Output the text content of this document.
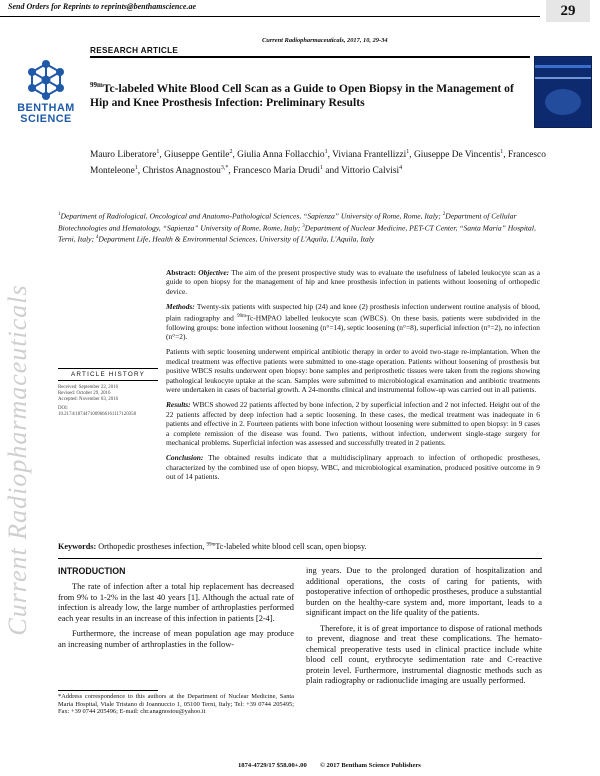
Send Orders for Reprints to reprints@benthamscience.ae	29
Current Radiopharmaceuticals, 2017, 10, 29-34
RESEARCH ARTICLE
BENTHAM
SCIENCE
$^{99m}$Tc-labeled White Blood Cell Scan as a Guide to Open Biopsy in the Management of Hip and Knee Prosthesis Infection: Preliminary Results
Mauro Liberatore$^1$, Giuseppe Gentile$^2$, Giulia Anna Follacchio$^1$, Viviana Frantellizzi$^1$, Giuseppe De Vincentis$^1$, Francesco Monteleone$^1$, Christos Anagnostou$^{3,*}$, Francesco Maria Drudi$^1$ and Vittorio Calvisi$^4$
$^1$Department of Radiological, Oncological and Anatomo-Pathological Sciences, “Sapienza” University of Rome, Rome, Italy; $^2$Department of Cellular Biotechnologies and Hematology, “Sapienza” University of Rome, Rome, Italy; $^3$Department of Nuclear Medicine, PET-CT Center, “Santa Maria” Hospital, Terni, Italy; $^4$Department Life, Health & Environmental Sciences, University of L'Aquila, L'Aquila, Italy
Current Radiopharmaceuticals	ARTICLE HISTORY
Received: September 22, 2016
Revised: October 29, 2016
Accepted: November 03, 2016
DOI:
10.2174/1874471009666161117120358

Abstract: Objective: The aim of the present prospective study was to evaluate the usefulness of labeled leukocyte scan as a guide to open biopsy for the management of hip and knee prosthesis infection in patients without loosening of orthopedic device.

Methods: Twenty-six patients with suspected hip (24) and knee (2) prosthesis infection underwent routine analysis of blood, plain radiography and $^{99m}$Tc-HMPAO labelled leukocyte scan (WBCS). On these basis, patients were subdivided in the following groups: bone infection without loosening (n°=14), septic loosening (n°=8), superficial infection (n°=2), no infection (n°=2).

Patients with septic loosening underwent empirical antibiotic therapy in order to avoid two-stage re-implantation. When the medical treatment was effective patients were submitted to one-stage operation. Patients without loosening of prosthesis but positive WBCS results underwent open biopsy: bone samples and periprosthetic tissues were taken from the regions showing pathological leukocyte uptake at the scan. Samples were submitted to microbiological examination and antibiotic treatments were undertaken in cases of bacterial growth. A 24-months clinical and instrumental follow-up was carried out in all patients.

Results: WBCS showed 22 patients affected by bone infection, 2 by superficial infection and 2 not infected. Height out of the 22 patients affected by deep infection had a septic loosening. In these cases, the medical treatment was inadequate in 6 patients and effective in 2. Fourteen patients with bone infection without loosening were submitted to open biopsy: in 9 cases a complete remission of the disease was found. Two patients, without infection, underwent single-stage surgery for mechanical problems. Superficial infection was assessed and successfully treated in 2 patients.

Conclusion: The obtained results indicate that a multidisciplinary approach to infection of orthopedic prostheses, characterized by the combined use of open biopsy, WBC, and microbiological examination, produced positive outcome in 9 out of 14 patients.

Keywords: Orthopedic prostheses infection, $^{99m}$Tc-labeled white blood cell scan, open biopsy.
INTRODUCTION

The rate of infection after a total hip replacement has decreased from 9% to 1-2% in the last 40 years [1]. Although the actual rate of infection is already low, the large number of arthroplasties performed each year results in an increase of this infection in patients [2-4].

Furthermore, the increase of mean population age may produce an increasing number of arthroplasties in the follow-

ing years. Due to the prolonged duration of hospitalization and additional operations, the costs of caring for patients, with postoperative infection of orthopedic prostheses, produce a substantial burden on the healthy-care system and, more important, leads to a significant impact on the life quality of the patients.

Therefore, it is of great importance to dispose of rational methods to prevent, diagnose and treat these complications. The hemato-chemical preoperative tests used in clinical practice include white blood cell count, erythrocyte sedimentation rate and C-reactive protein level. Furthermore, instrumental diagnostic methods such as plain radiography or radionuclide imaging are usually performed.

*Address correspondence to this authors at the Department of Nuclear Medicine, Santa Maria Hospital, Viale Tristano di Joannuccio 1, 05100 Terni, Italy; Tel: +39 0744 205495; Fax: +39 0744 205496; E-mail: chr.anagnostou@yahoo.it
1874-4729/17 $58.00+.00 © 2017 Bentham Science Publishers
